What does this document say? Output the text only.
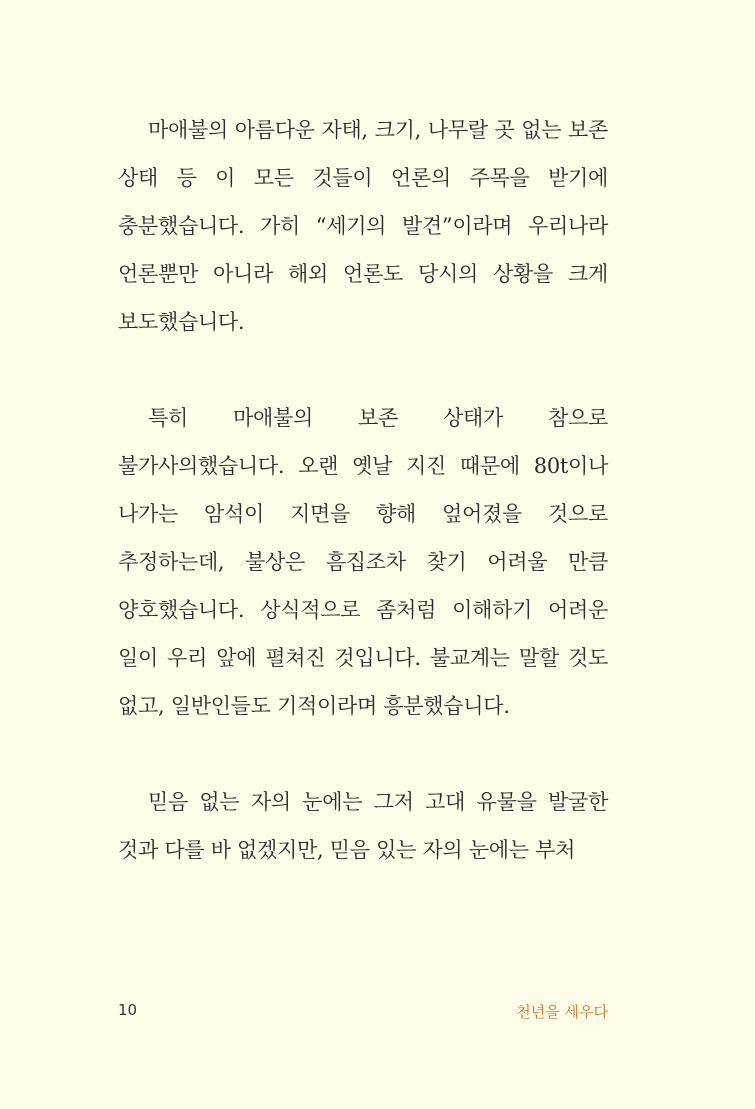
마애불의 아름다운 자태, 크기, 나무랄 곳 없는 보존 상태 등 이 모든 것들이 언론의 주목을 받기에 충분했습니다. 가히 “세기의 발견”이라며 우리나라 언론뿐만 아니라 해외 언론도 당시의 상황을 크게 보도했습니다.

특히 마애불의 보존 상태가 참으로 불가사의했습니다. 오랜 옛날 지진 때문에 80t이나 나가는 암석이 지면을 향해 엎어졌을 것으로 추정하는데, 불상은 흠집조차 찾기 어려울 만큼 양호했습니다. 상식적으로 좀처럼 이해하기 어려운 일이 우리 앞에 펼쳐진 것입니다. 불교계는 말할 것도 없고, 일반인들도 기적이라며 흥분했습니다.

믿음 없는 자의 눈에는 그저 고대 유물을 발굴한 것과 다를 바 없겠지만, 믿음 있는 자의 눈에는 부처

10	천년을 세우다
